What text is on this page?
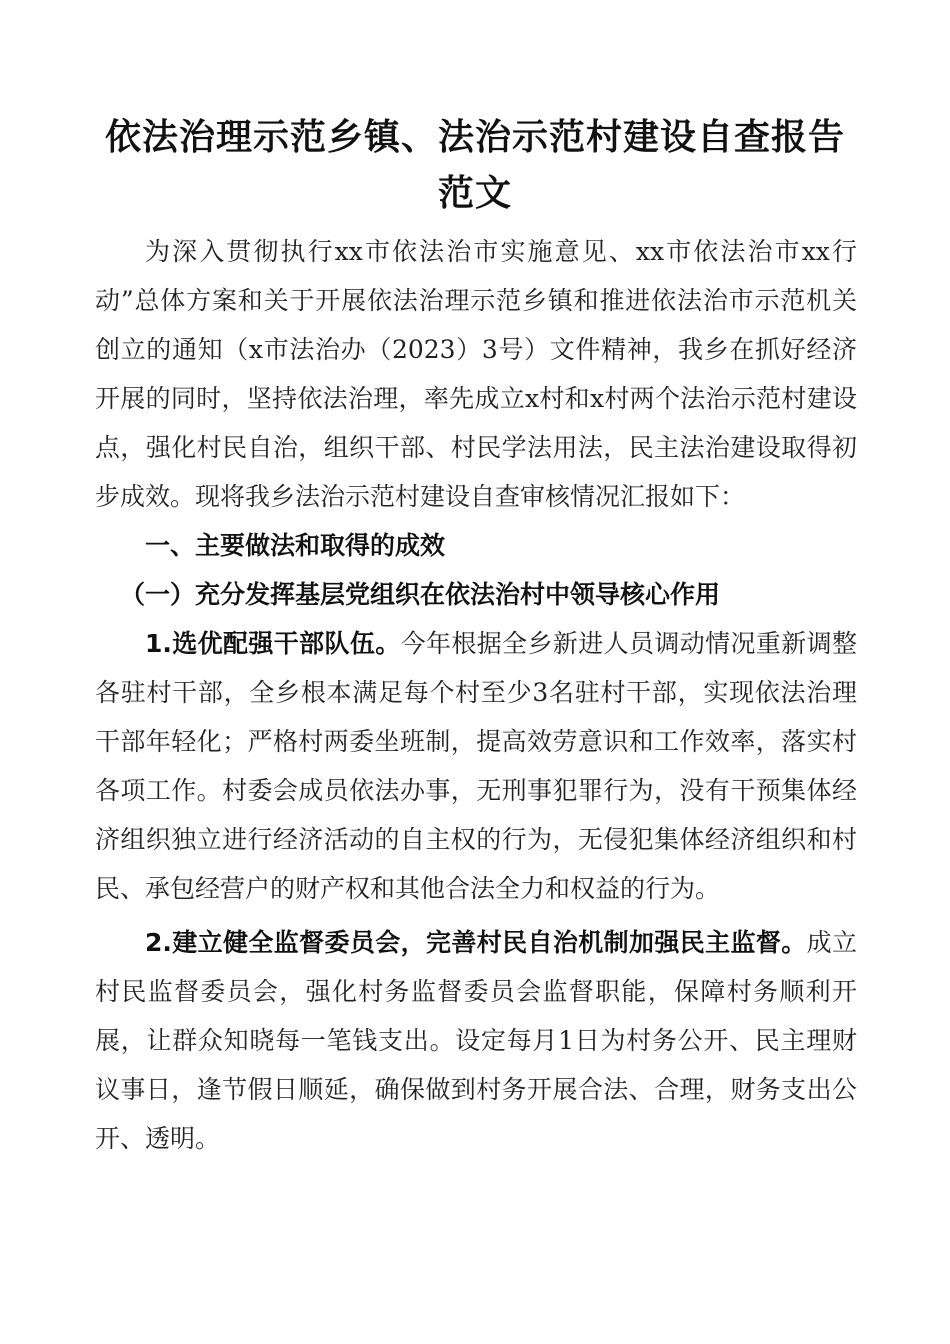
依法治理示范乡镇、法治示范村建设自查报告范文

为深入贯彻执行xx市依法治市实施意见、xx市依法治市xx行动”总体方案和关于开展依法治理示范乡镇和推进依法治市示范机关创立的通知（x市法治办（2023）3号）文件精神，我乡在抓好经济开展的同时，坚持依法治理，率先成立x村和x村两个法治示范村建设点，强化村民自治，组织干部、村民学法用法，民主法治建设取得初步成效。现将我乡法治示范村建设自查审核情况汇报如下：

一、主要做法和取得的成效

（一）充分发挥基层党组织在依法治村中领导核心作用

1.选优配强干部队伍。今年根据全乡新进人员调动情况重新调整各驻村干部，全乡根本满足每个村至少3名驻村干部，实现依法治理干部年轻化；严格村两委坐班制，提高效劳意识和工作效率，落实村各项工作。村委会成员依法办事，无刑事犯罪行为，没有干预集体经济组织独立进行经济活动的自主权的行为，无侵犯集体经济组织和村民、承包经营户的财产权和其他合法全力和权益的行为。

2.建立健全监督委员会，完善村民自治机制加强民主监督。成立村民监督委员会，强化村务监督委员会监督职能，保障村务顺利开展，让群众知晓每一笔钱支出。设定每月1日为村务公开、民主理财议事日，逢节假日顺延，确保做到村务开展合法、合理，财务支出公开、透明。
